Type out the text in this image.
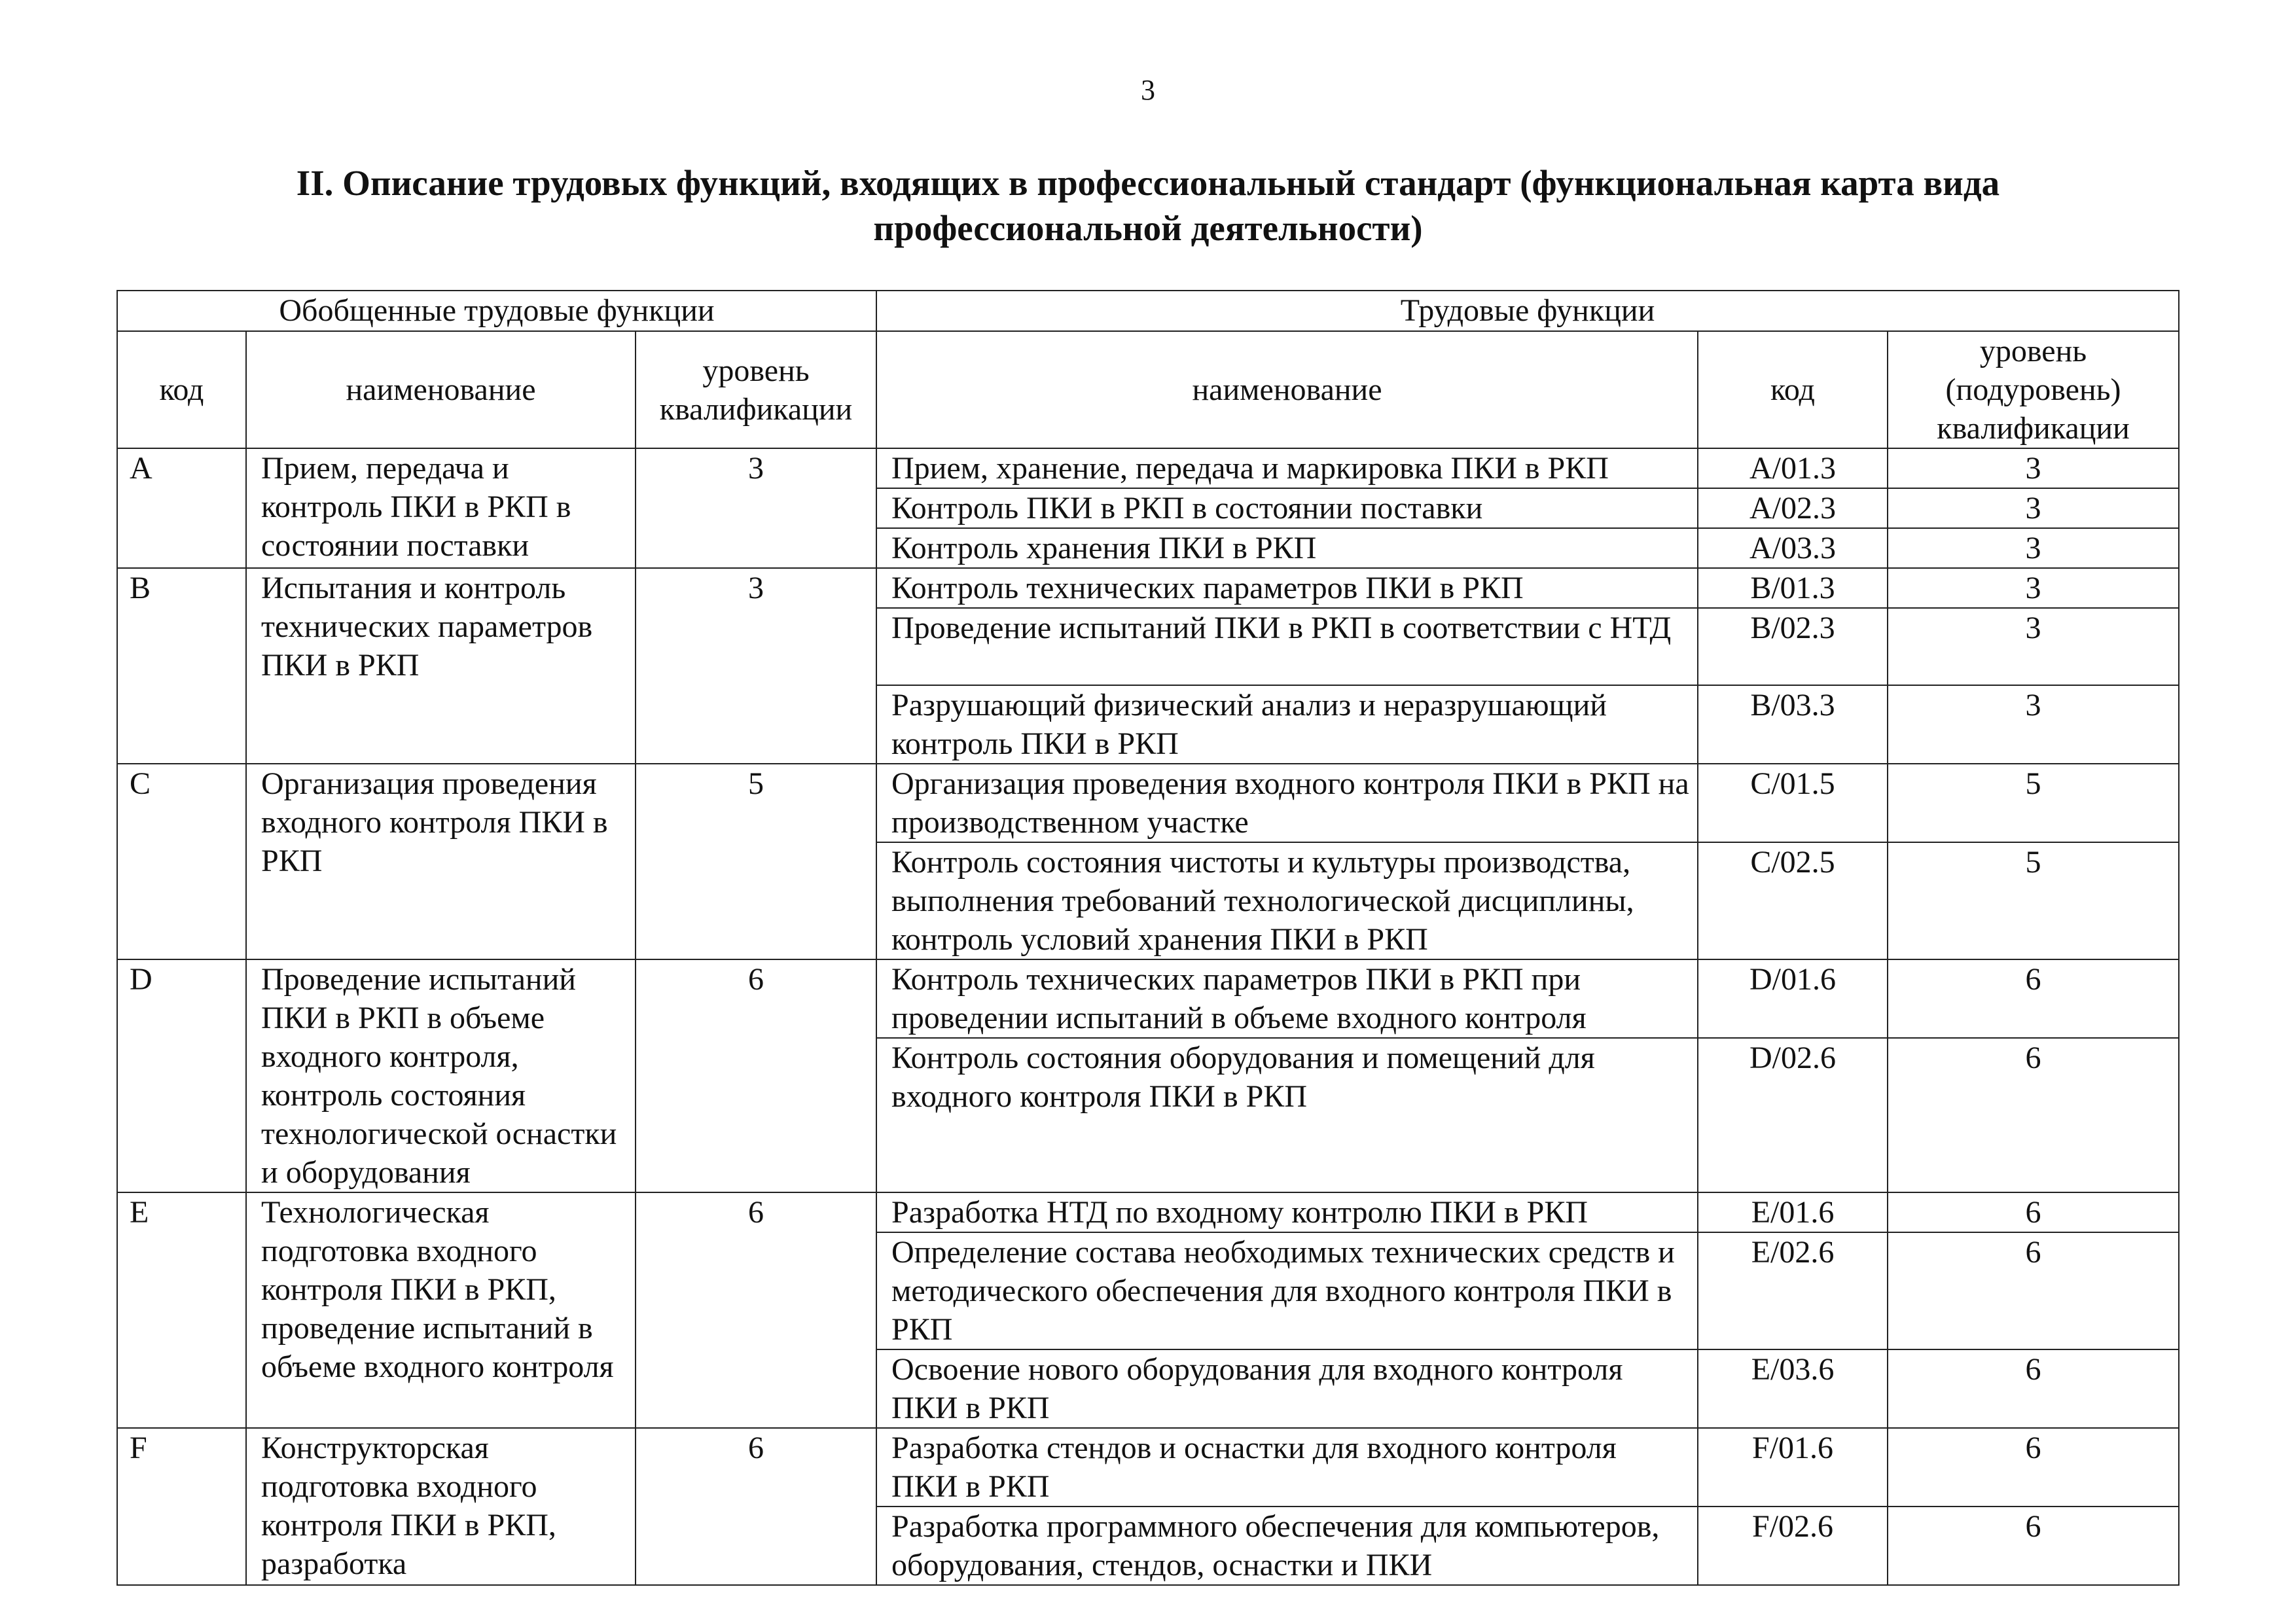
3
II. Описание трудовых функций, входящих в профессиональный стандарт (функциональная карта вида
профессиональной деятельности)
Обобщенные трудовые функции			Трудовые функции		
код	наименование	уровень квалификации	наименование	код	уровень (подуровень) квалификации
A	Прием, передача и контроль ПКИ в РКП в состоянии поставки	3	Прием, хранение, передача и маркировка ПКИ в РКП	A/01.3	3
			Контроль ПКИ в РКП в состоянии поставки	A/02.3	3
			Контроль хранения ПКИ в РКП	A/03.3	3
B	Испытания и контроль технических параметров ПКИ в РКП	3	Контроль технических параметров ПКИ в РКП	B/01.3	3
			Проведение испытаний ПКИ в РКП в соответствии с НТД	B/02.3	3
			Разрушающий физический анализ и неразрушающий контроль ПКИ в РКП	B/03.3	3
C	Организация проведения входного контроля ПКИ в РКП	5	Организация проведения входного контроля ПКИ в РКП на производственном участке	C/01.5	5
			Контроль состояния чистоты и культуры производства, выполнения требований технологической дисциплины, контроль условий хранения ПКИ в РКП	C/02.5	5
D	Проведение испытаний ПКИ в РКП в объеме входного контроля, контроль состояния технологической оснастки и оборудования	6	Контроль технических параметров ПКИ в РКП при проведении испытаний в объеме входного контроля	D/01.6	6
			Контроль состояния оборудования и помещений для входного контроля ПКИ в РКП	D/02.6	6
E	Технологическая подготовка входного контроля ПКИ в РКП, проведение испытаний в объеме входного контроля	6	Разработка НТД по входному контролю ПКИ в РКП	E/01.6	6
			Определение состава необходимых технических средств и методического обеспечения для входного контроля ПКИ в РКП	E/02.6	6
			Освоение нового оборудования для входного контроля ПКИ в РКП	E/03.6	6
F	Конструкторская подготовка входного контроля ПКИ в РКП, разработка	6	Разработка стендов и оснастки для входного контроля ПКИ в РКП	F/01.6	6
			Разработка программного обеспечения для компьютеров, оборудования, стендов, оснастки и ПКИ	F/02.6	6
